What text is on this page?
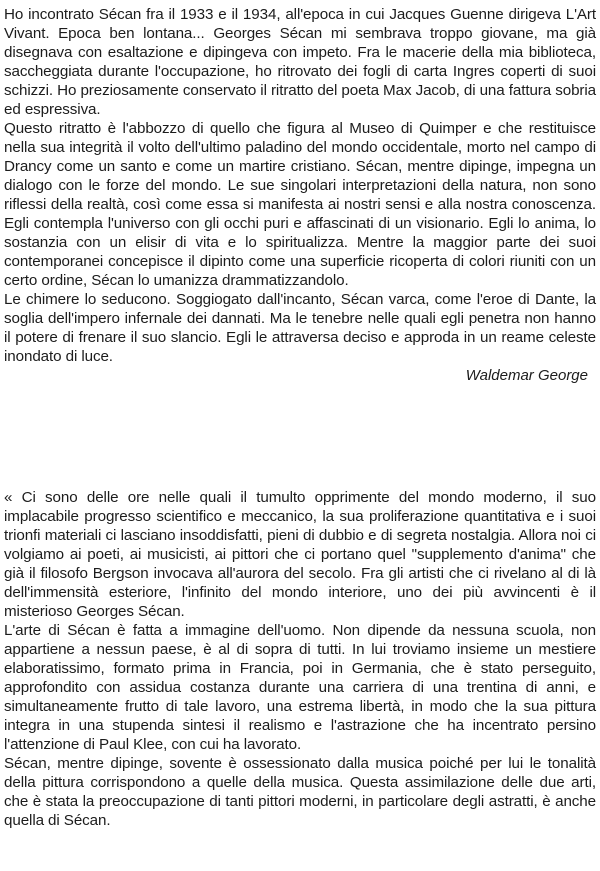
Ho incontrato Sécan fra il 1933 e il 1934, all'epoca in cui Jacques Guenne dirigeva L'Art Vivant. Epoca ben lontana... Georges Sécan mi sembrava troppo giovane, ma già disegnava con esaltazione e dipingeva con impeto. Fra le macerie della mia biblioteca, saccheggiata durante l'occupazione, ho ritrovato dei fogli di carta Ingres coperti di suoi schizzi. Ho preziosamente conservato il ritratto del poeta Max Jacob, di una fattura sobria ed espressiva.

Questo ritratto è l'abbozzo di quello che figura al Museo di Quimper e che restituisce nella sua integrità il volto dell'ultimo paladino del mondo occidentale, morto nel campo di Drancy come un santo e come un martire cristiano. Sécan, mentre dipinge, impegna un dialogo con le forze del mondo. Le sue singolari interpretazioni della natura, non sono riflessi della realtà, così come essa si manifesta ai nostri sensi e alla nostra conoscenza. Egli contempla l'universo con gli occhi puri e affascinati di un visionario. Egli lo anima, lo sostanzia con un elisir di vita e lo spiritualizza. Mentre la maggior parte dei suoi contemporanei concepisce il dipinto come una superficie ricoperta di colori riuniti con un certo ordine, Sécan lo umanizza drammatizzandolo.

Le chimere lo seducono. Soggiogato dall'incanto, Sécan varca, come l'eroe di Dante, la soglia dell'impero infernale dei dannati. Ma le tenebre nelle quali egli penetra non hanno il potere di frenare il suo slancio. Egli le attraversa deciso e approda in un reame celeste inondato di luce.

Waldemar George

« Ci sono delle ore nelle quali il tumulto opprimente del mondo moderno, il suo implacabile progresso scientifico e meccanico, la sua proliferazione quantitativa e i suoi trionfi materiali ci lasciano insoddisfatti, pieni di dubbio e di segreta nostalgia. Allora noi ci volgiamo ai poeti, ai musicisti, ai pittori che ci portano quel "supplemento d'anima" che già il filosofo Bergson invocava all'aurora del secolo. Fra gli artisti che ci rivelano al di là dell'immensità esteriore, l'infinito del mondo interiore, uno dei più avvincenti è il misterioso Georges Sécan.

L'arte di Sécan è fatta a immagine dell'uomo. Non dipende da nessuna scuola, non appartiene a nessun paese, è al di sopra di tutti. In lui troviamo insieme un mestiere elaboratissimo, formato prima in Francia, poi in Germania, che è stato perseguito, approfondito con assidua costanza durante una carriera di una trentina di anni, e simultaneamente frutto di tale lavoro, una estrema libertà, in modo che la sua pittura integra in una stupenda sintesi il realismo e l'astrazione che ha incentrato persino l'attenzione di Paul Klee, con cui ha lavorato.

Sécan, mentre dipinge, sovente è ossessionato dalla musica poiché per lui le tonalità della pittura corrispondono a quelle della musica. Questa assimilazione delle due arti, che è stata la preoccupazione di tanti pittori moderni, in particolare degli astratti, è anche quella di Sécan.
